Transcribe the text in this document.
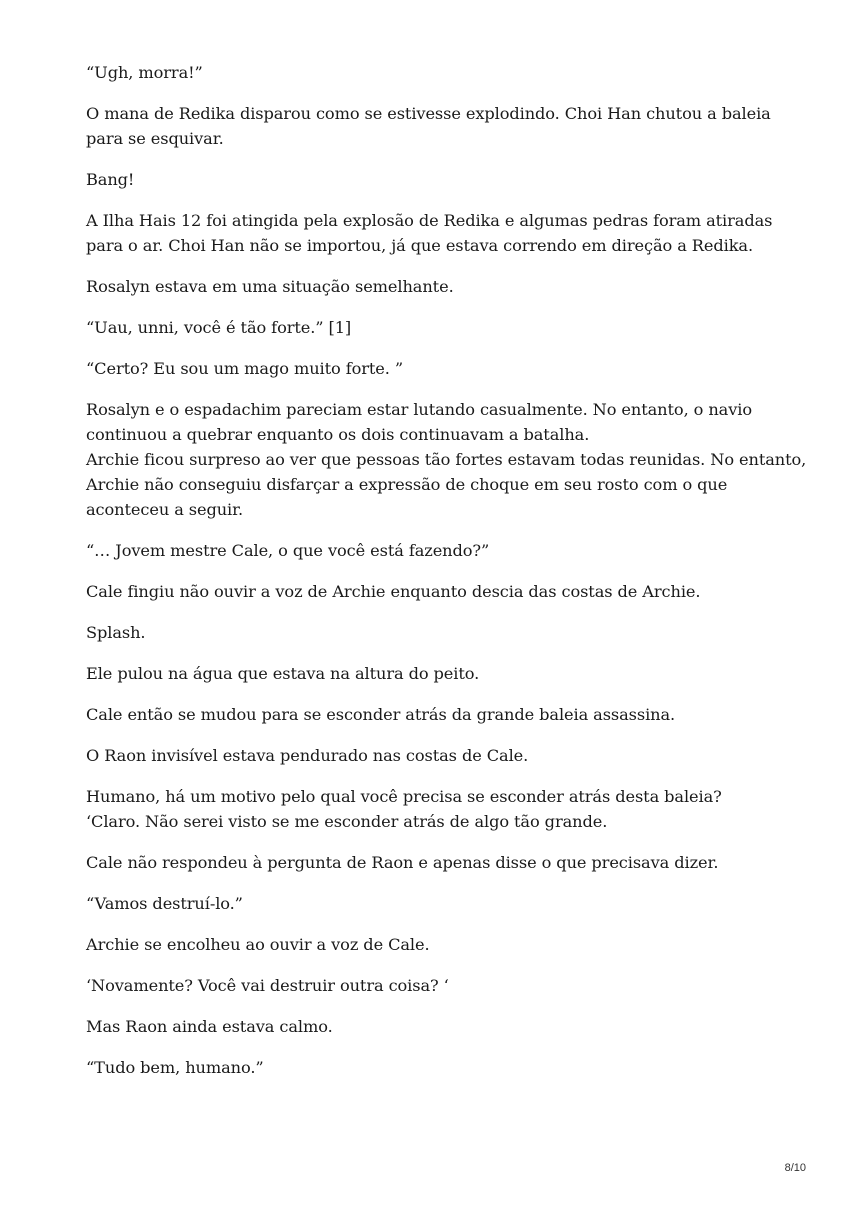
“Ugh, morra!”

O mana de Redika disparou como se estivesse explodindo. Choi Han chutou a baleia
para se esquivar.

Bang!

A Ilha Hais 12 foi atingida pela explosão de Redika e algumas pedras foram atiradas
para o ar. Choi Han não se importou, já que estava correndo em direção a Redika.

Rosalyn estava em uma situação semelhante.

“Uau, unni, você é tão forte.” [1]

“Certo? Eu sou um mago muito forte. ”

Rosalyn e o espadachim pareciam estar lutando casualmente. No entanto, o navio
continuou a quebrar enquanto os dois continuavam a batalha.
Archie ficou surpreso ao ver que pessoas tão fortes estavam todas reunidas. No entanto,
Archie não conseguiu disfarçar a expressão de choque em seu rosto com o que
aconteceu a seguir.

“… Jovem mestre Cale, o que você está fazendo?”

Cale fingiu não ouvir a voz de Archie enquanto descia das costas de Archie.

Splash.

Ele pulou na água que estava na altura do peito.

Cale então se mudou para se esconder atrás da grande baleia assassina.

O Raon invisível estava pendurado nas costas de Cale.

Humano, há um motivo pelo qual você precisa se esconder atrás desta baleia?
‘Claro. Não serei visto se me esconder atrás de algo tão grande.

Cale não respondeu à pergunta de Raon e apenas disse o que precisava dizer.

“Vamos destruí-lo.”

Archie se encolheu ao ouvir a voz de Cale.

‘Novamente? Você vai destruir outra coisa? ‘

Mas Raon ainda estava calmo.

“Tudo bem, humano.”

8/10
